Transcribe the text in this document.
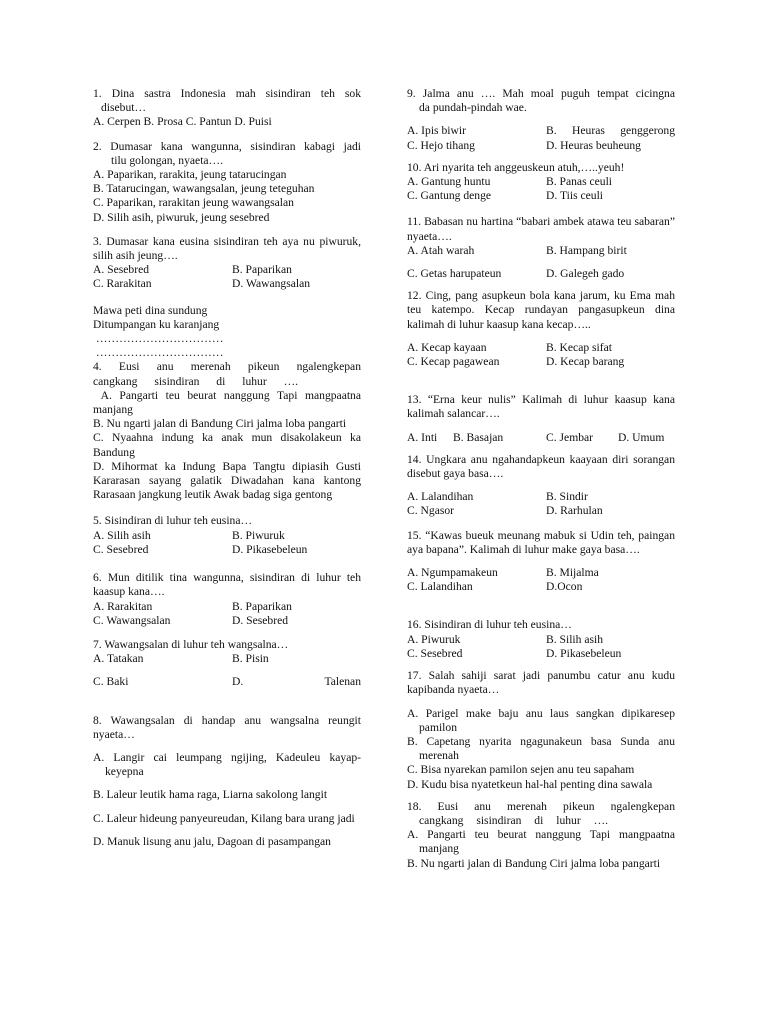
1. Dina sastra Indonesia mah sisindiran teh sok
disebut…
A. Cerpen B. Prosa C. Pantun D. Puisi
2. Dumasar kana wangunna, sisindiran kabagi jadi
tilu golongan, nyaeta….
A. Paparikan, rarakita, jeung tatarucingan
B. Tatarucingan, wawangsalan, jeung teteguhan
C. Paparikan, rarakitan jeung wawangsalan
D. Silih asih, piwuruk, jeung sesebred
3. Dumasar kana eusina sisindiran teh aya nu piwuruk, silih asih jeung….
A. Sesebred	B. Paparikan
C. Rarakitan	D. Wawangsalan
Mawa peti dina sundung
Ditumpangan ku karanjang
……………………………
……………………………
4. Eusi anu merenah pikeun ngalengkepan cangkang sisindiran di luhur ….
A. Pangarti teu beurat nanggung Tapi mangpaatna manjang
B. Nu ngarti jalan di Bandung Ciri jalma loba pangarti
C. Nyaahna indung ka anak mun disakolakeun ka Bandung
D. Mihormat ka Indung Bapa Tangtu dipiasih Gusti Kararasan sayang galatik Diwadahan kana kantong Rarasaan jangkung leutik Awak badag siga gentong
5. Sisindiran di luhur teh eusina…
A. Silih asih	B. Piwuruk
C. Sesebred	D. Pikasebeleun
6. Mun ditilik tina wangunna, sisindiran di luhur teh kaasup kana….
A. Rarakitan	B. Paparikan
C. Wawangsalan	D. Sesebred
7. Wawangsalan di luhur teh wangsalna…
A. Tatakan	B. Pisin
C. Baki	D.	Talenan
8. Wawangsalan di handap anu wangsalna reungit nyaeta…
A. Langir cai leumpang ngijing, Kadeuleu kayap-keyepna
B. Laleur leutik hama raga, Liarna sakolong langit
C. Laleur hideung panyeureudan, Kilang bara urang jadi
D. Manuk lisung anu jalu, Dagoan di pasampangan
9. Jalma anu …. Mah moal puguh tempat cicingna
da pundah-pindah wae.
A. Ipis biwir	B. Heuras genggerong
C. Hejo tihang	D. Heuras beuheung
10. Ari nyarita teh anggeuskeun atuh,…..yeuh!
A. Gantung huntu	B. Panas ceuli
C. Gantung denge	D. Tiis ceuli
11. Babasan nu hartina “babari ambek atawa teu sabaran” nyaeta….
A. Atah warah	B. Hampang birit
C. Getas harupateun	D. Galegeh gado
12. Cing, pang asupkeun bola kana jarum, ku Ema mah teu katempo. Kecap rundayan pangasupkeun dina kalimah di luhur kaasup kana kecap…..
A. Kecap kayaan	B. Kecap sifat
C. Kecap pagawean	D. Kecap barang
13. “Erna keur nulis” Kalimah di luhur kaasup kana kalimah salancar….
A. Inti	B. Basajan	C. Jembar	D. Umum
14. Ungkara anu ngahandapkeun kaayaan diri sorangan disebut gaya basa….
A. Lalandihan	B. Sindir
C. Ngasor	D. Rarhulan
15. “Kawas bueuk meunang mabuk si Udin teh, paingan aya bapana”. Kalimah di luhur make gaya basa….
A. Ngumpamakeun	B. Mijalma
C. Lalandihan	D.Ocon
16. Sisindiran di luhur teh eusina…
A. Piwuruk	B. Silih asih
C. Sesebred	D. Pikasebeleun
17. Salah sahiji sarat jadi panumbu catur anu kudu kapibanda nyaeta…
A. Parigel make baju anu laus sangkan dipikaresep pamilon
B. Capetang nyarita ngagunakeun basa Sunda anu merenah
C. Bisa nyarekan pamilon sejen anu teu sapaham
D. Kudu bisa nyatetkeun hal-hal penting dina sawala
18. Eusi anu merenah pikeun ngalengkepan cangkang sisindiran di luhur ….
A. Pangarti teu beurat nanggung Tapi mangpaatna manjang
B. Nu ngarti jalan di Bandung Ciri jalma loba pangarti
